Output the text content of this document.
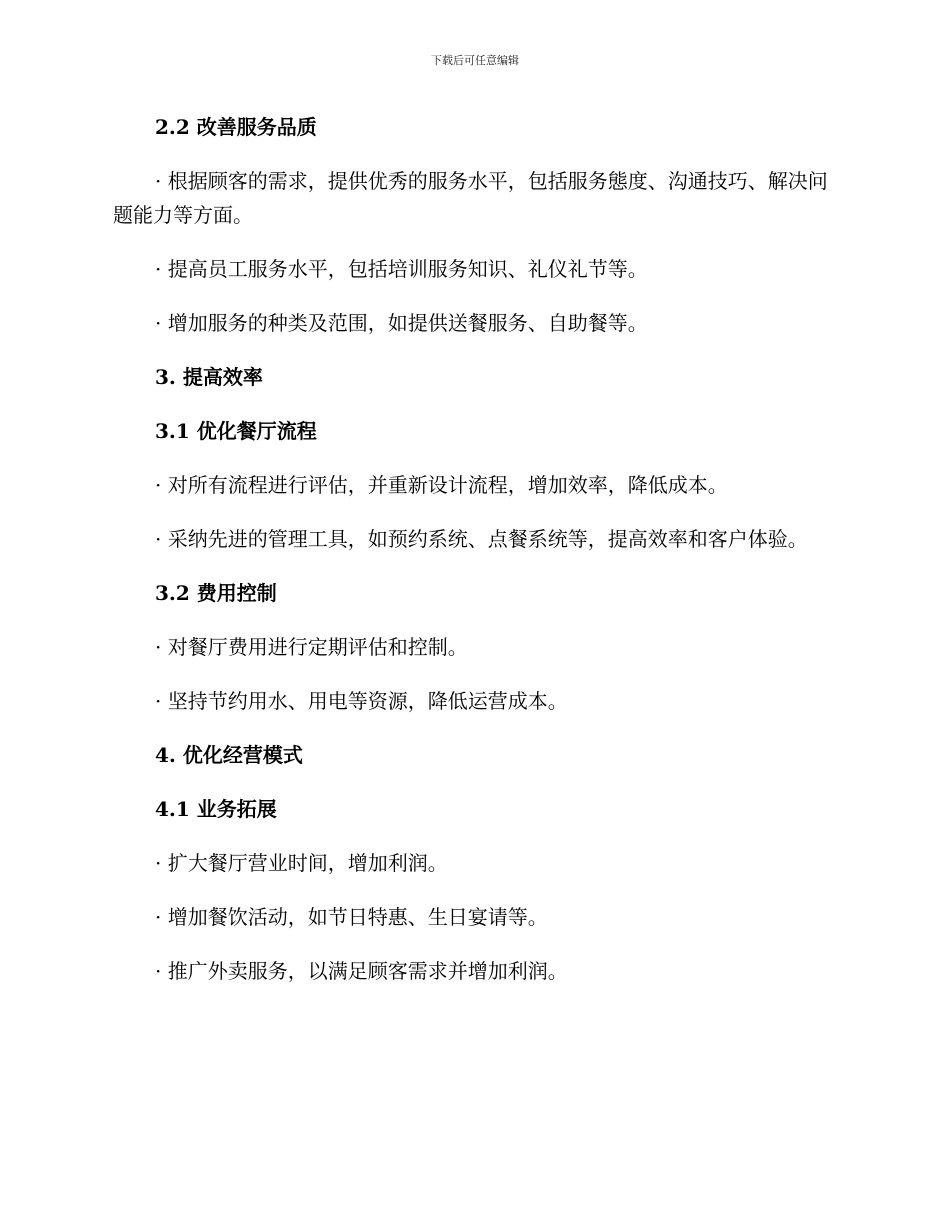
下载后可任意编辑
2.2 改善服务品质
· 根据顾客的需求，提供优秀的服务水平，包括服务態度、沟通技巧、解决问题能力等方面。
· 提高员工服务水平，包括培训服务知识、礼仪礼节等。
· 增加服务的种类及范围，如提供送餐服务、自助餐等。
3. 提高效率
3.1 优化餐厅流程
· 对所有流程进行评估，并重新设计流程，增加效率，降低成本。
· 采纳先进的管理工具，如预约系统、点餐系统等，提高效率和客户体验。
3.2 费用控制
· 对餐厅费用进行定期评估和控制。
· 坚持节约用水、用电等资源，降低运营成本。
4. 优化经营模式
4.1 业务拓展
· 扩大餐厅营业时间，增加利润。
· 增加餐饮活动，如节日特惠、生日宴请等。
· 推广外卖服务，以满足顾客需求并增加利润。
